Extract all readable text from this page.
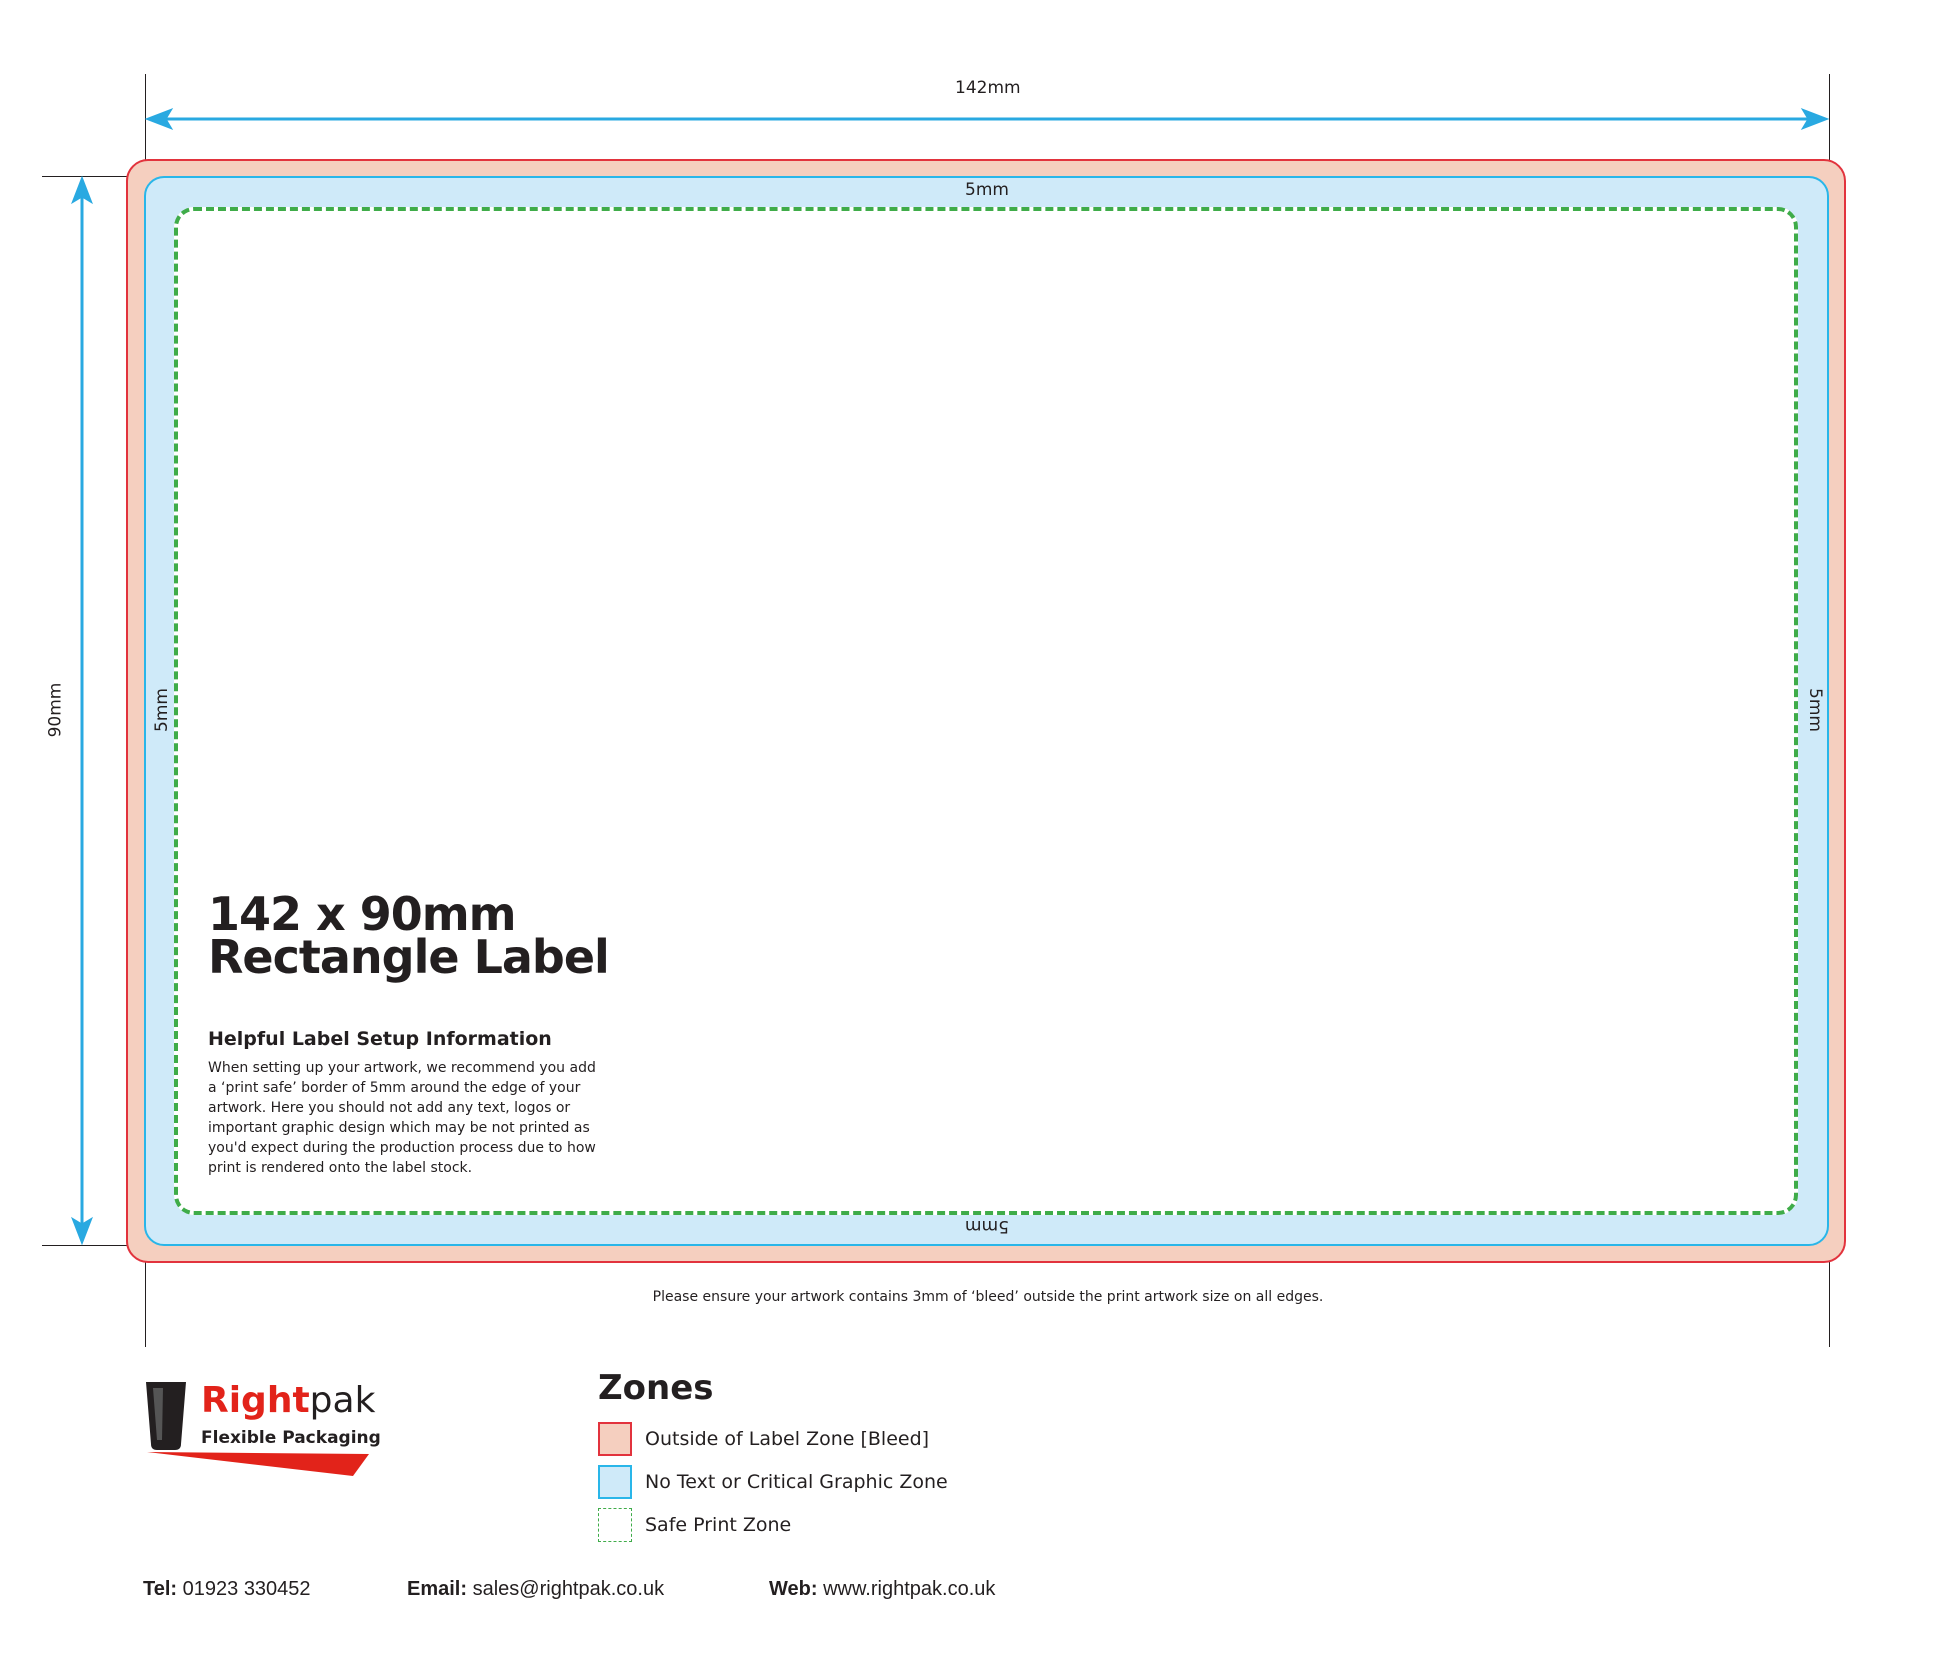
142mm
90mm
5mm
5mm	5mm
5mm
142 x 90mm
Rectangle Label
Helpful Label Setup Information
When setting up your artwork, we recommend you add a ‘print safe’ border of 5mm around the edge of your artwork. Here you should not add any text, logos or important graphic design which may be not printed as you'd expect during the production process due to how print is rendered onto the label stock.
Please ensure your artwork contains 3mm of ‘bleed’ outside the print artwork size on all edges.
Rightpak
Flexible Packaging
Zones
Outside of Label Zone [Bleed]
No Text or Critical Graphic Zone
Safe Print Zone
Tel: 01923 330452	Email: sales@rightpak.co.uk	Web: www.rightpak.co.uk
